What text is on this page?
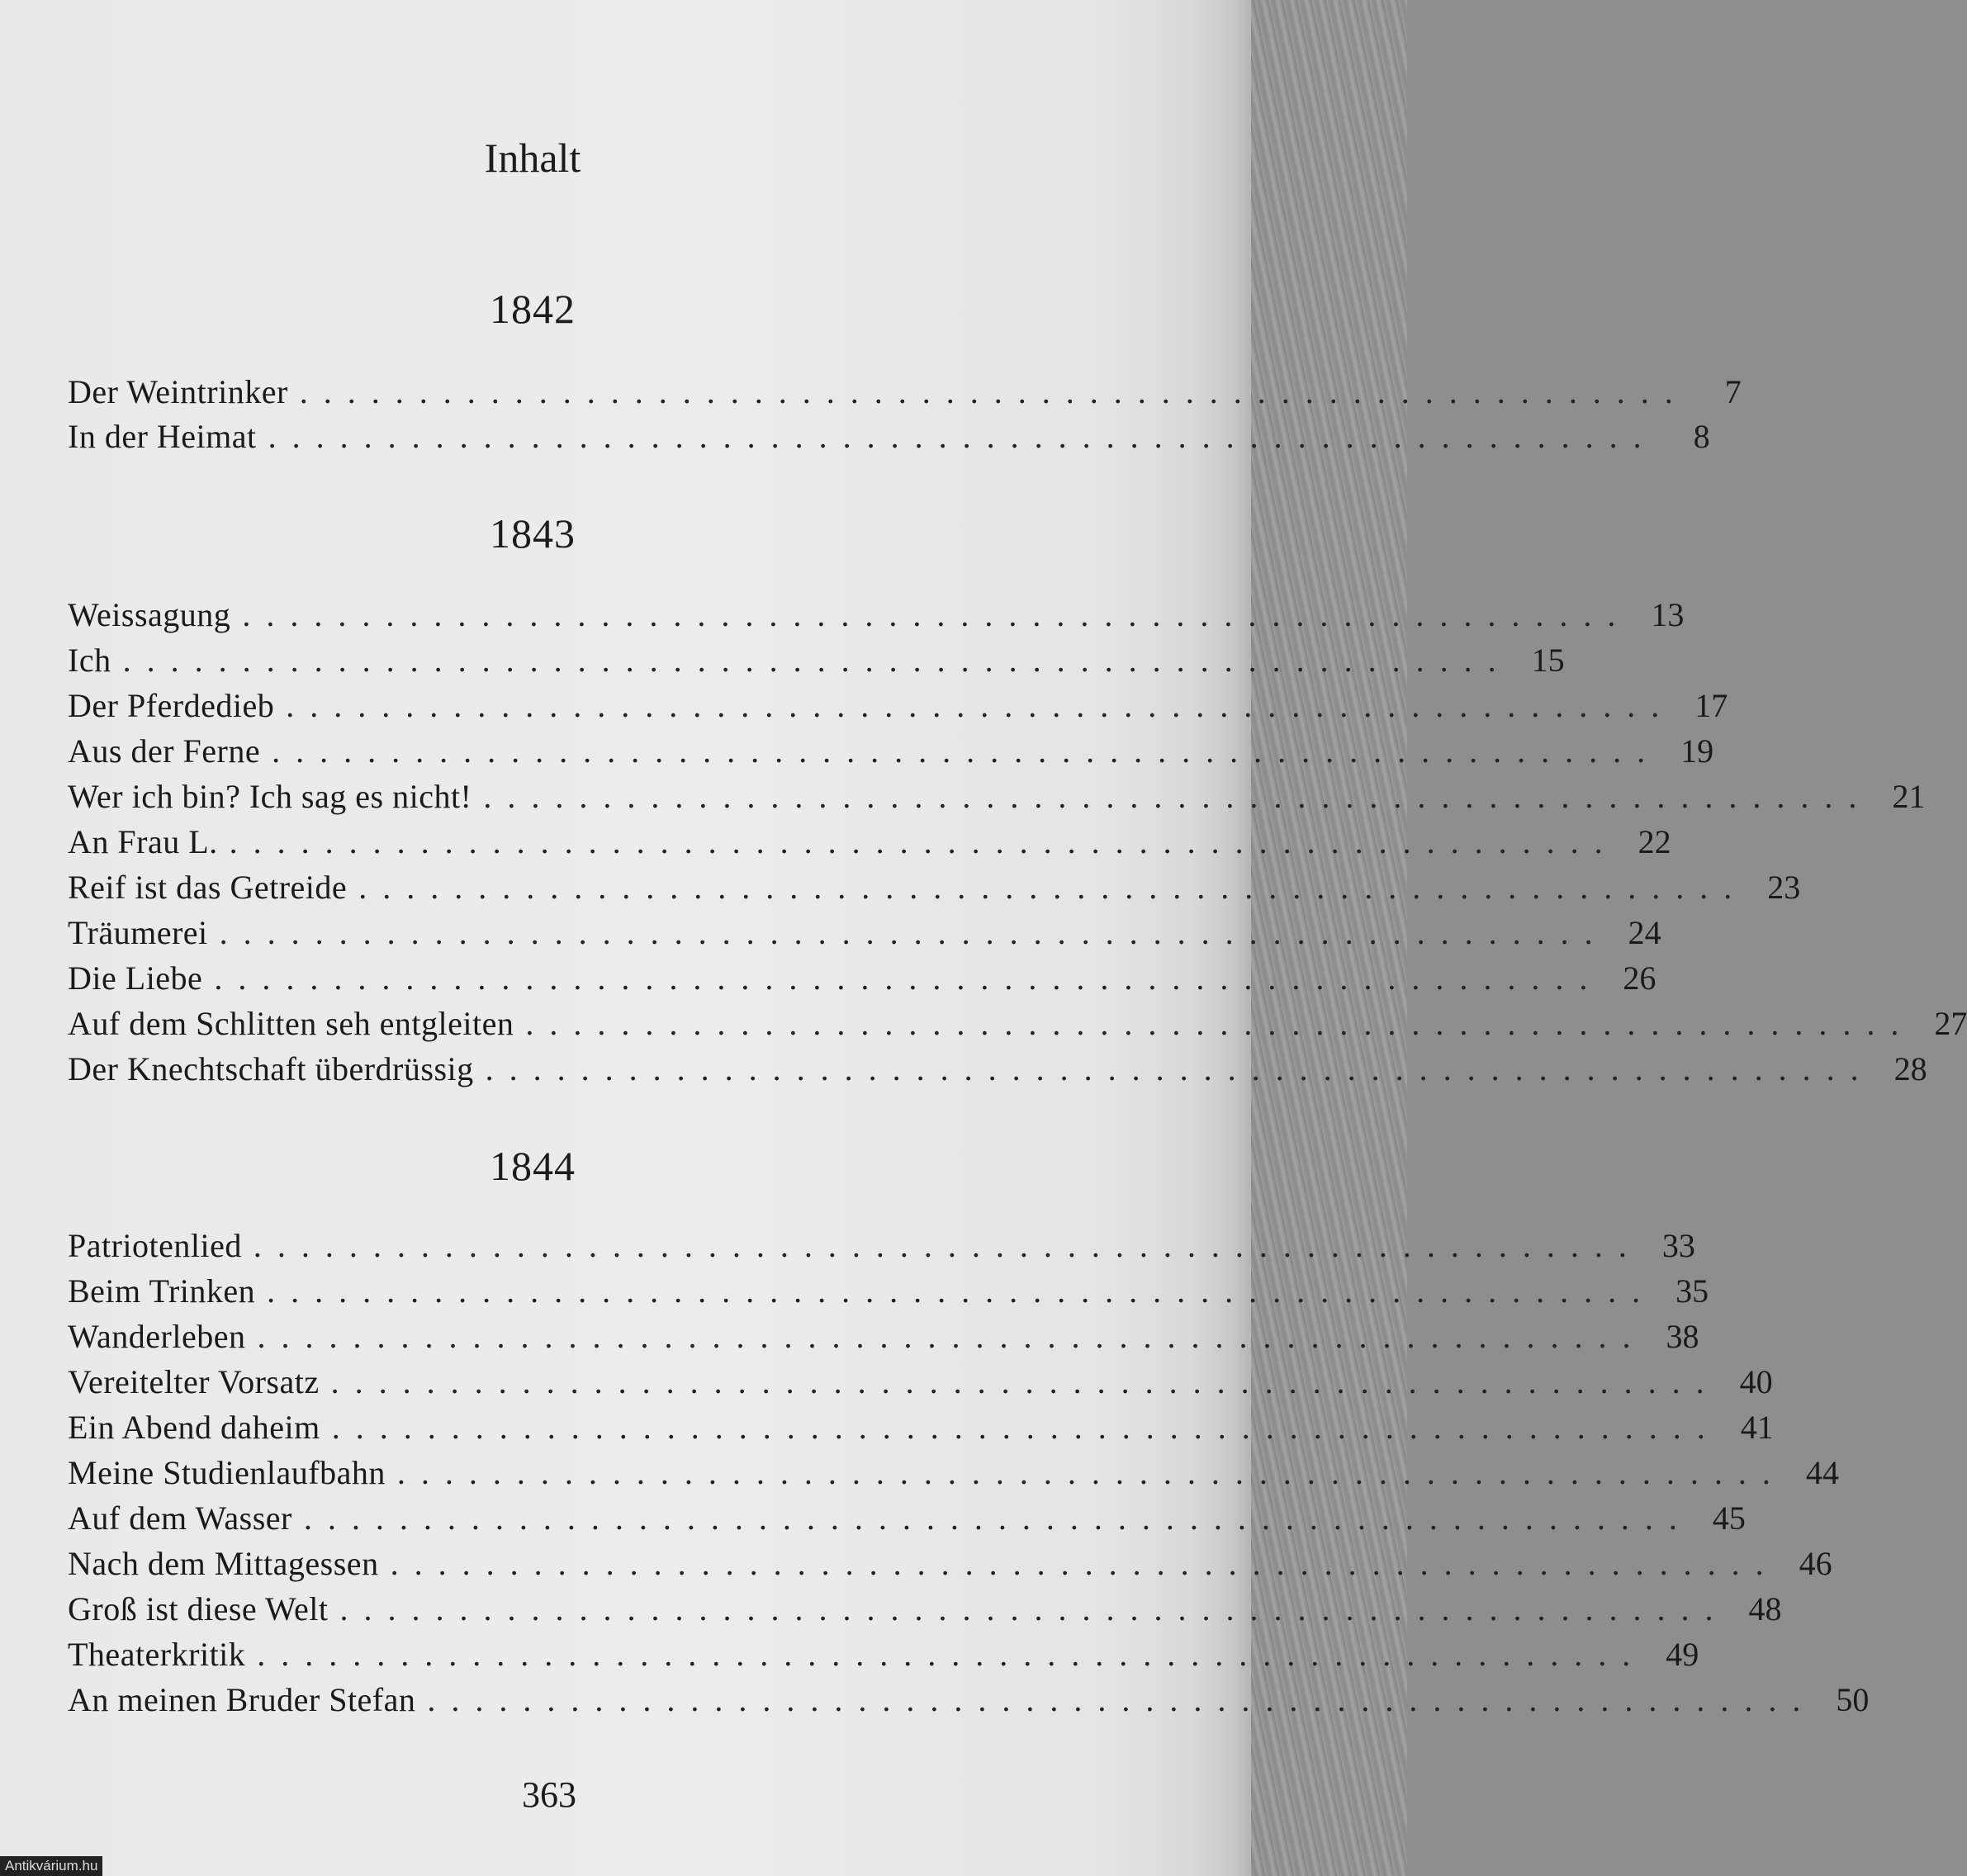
Inhalt
1842
Der Weintrinker ..........................................................	7
In der Heimat ..........................................................	8
1843
Weissagung .......................................................... 13
Ich .......................................................... 15
Der Pferdedieb .......................................................... 17
Aus der Ferne .......................................................... 19
Wer ich bin? Ich sag es nicht! .......................................................... 21
An Frau L. .......................................................... 22
Reif ist das Getreide .......................................................... 23
Träumerei .......................................................... 24
Die Liebe .......................................................... 26
Auf dem Schlitten seh entgleiten .......................................................... 27
Der Knechtschaft überdrüssig .......................................................... 28
1844
Patriotenlied .......................................................... 33
Beim Trinken .......................................................... 35
Wanderleben .......................................................... 38
Vereitelter Vorsatz .......................................................... 40
Ein Abend daheim .......................................................... 41
Meine Studienlaufbahn .......................................................... 44
Auf dem Wasser .......................................................... 45
Nach dem Mittagessen .......................................................... 46
Groß ist diese Welt .......................................................... 48
Theaterkritik .......................................................... 49
An meinen Bruder Stefan .......................................................... 50
363
Antikvárium.hu
